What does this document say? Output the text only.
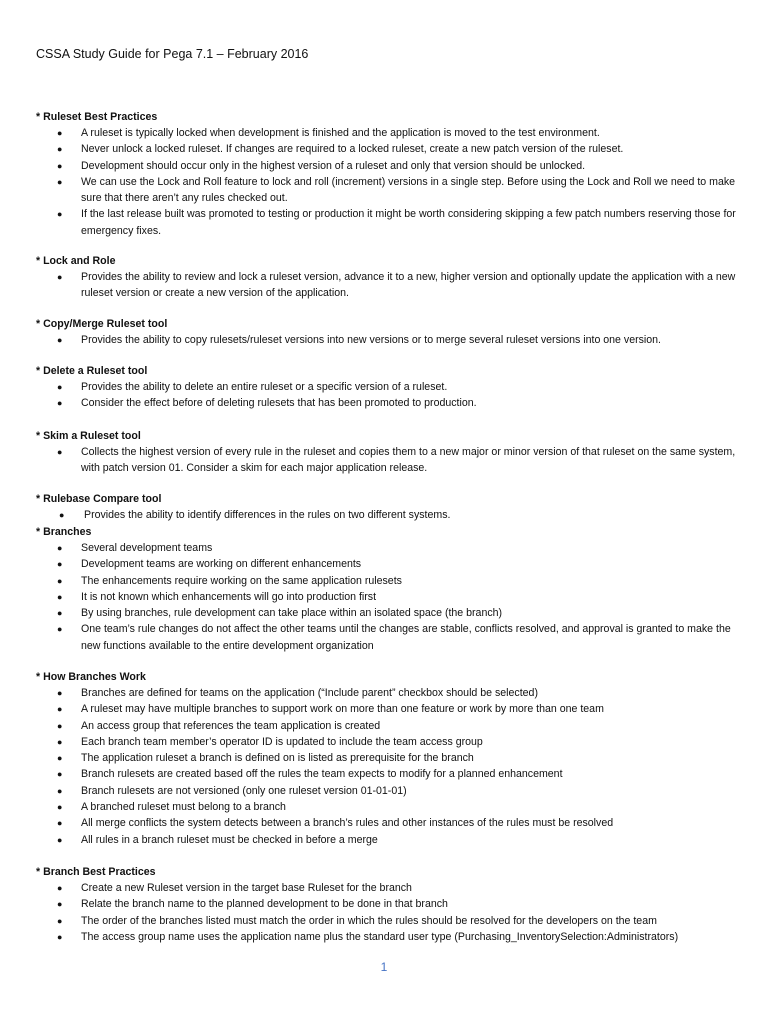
CSSA Study Guide for Pega 7.1 – February 2016
* Ruleset Best Practices
● A ruleset is typically locked when development is finished and the application is moved to the test environment.
● Never unlock a locked ruleset. If changes are required to a locked ruleset, create a new patch version of the ruleset.
● Development should occur only in the highest version of a ruleset and only that version should be unlocked.
● We can use the Lock and Roll feature to lock and roll (increment) versions in a single step. Before using the Lock and Roll we need to make sure that there aren’t any rules checked out.
● If the last release built was promoted to testing or production it might be worth considering skipping a few patch numbers reserving those for emergency fixes.
* Lock and Role
● Provides the ability to review and lock a ruleset version, advance it to a new, higher version and optionally update the application with a new ruleset version or create a new version of the application.
* Copy/Merge Ruleset tool
● Provides the ability to copy rulesets/ruleset versions into new versions or to merge several ruleset versions into one version.
* Delete a Ruleset tool
● Provides the ability to delete an entire ruleset or a specific version of a ruleset.
● Consider the effect before of deleting rulesets that has been promoted to production.
* Skim a Ruleset tool
● Collects the highest version of every rule in the ruleset and copies them to a new major or minor version of that ruleset on the same system, with patch version 01. Consider a skim for each major application release.
* Rulebase Compare tool
● Provides the ability to identify differences in the rules on two different systems.
* Branches
● Several development teams
● Development teams are working on different enhancements
● The enhancements require working on the same application rulesets
● It is not known which enhancements will go into production first
● By using branches, rule development can take place within an isolated space (the branch)
● One team’s rule changes do not affect the other teams until the changes are stable, conflicts resolved, and approval is granted to make the new functions available to the entire development organization
* How Branches Work
● Branches are defined for teams on the application (“Include parent” checkbox should be selected)
● A ruleset may have multiple branches to support work on more than one feature or work by more than one team
● An access group that references the team application is created
● Each branch team member’s operator ID is updated to include the team access group
● The application ruleset a branch is defined on is listed as prerequisite for the branch
● Branch rulesets are created based off the rules the team expects to modify for a planned enhancement
● Branch rulesets are not versioned (only one ruleset version 01-01-01)
● A branched ruleset must belong to a branch
● All merge conflicts the system detects between a branch’s rules and other instances of the rules must be resolved
● All rules in a branch ruleset must be checked in before a merge
* Branch Best Practices
● Create a new Ruleset version in the target base Ruleset for the branch
● Relate the branch name to the planned development to be done in that branch
● The order of the branches listed must match the order in which the rules should be resolved for the developers on the team
● The access group name uses the application name plus the standard user type (Purchasing_InventorySelection:Administrators)
1
